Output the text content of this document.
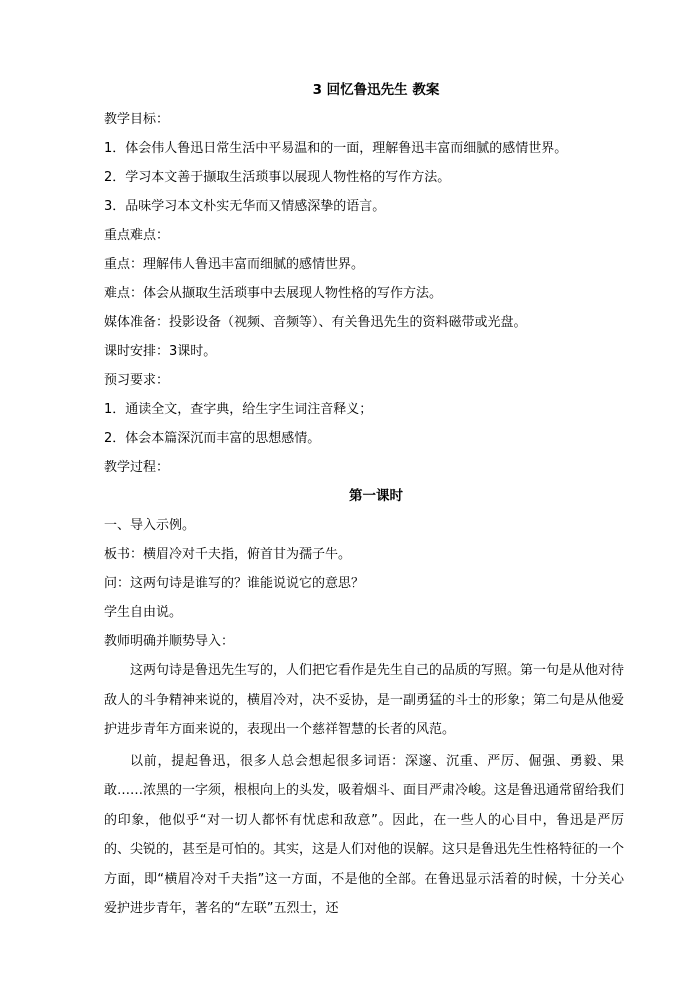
3 回忆鲁迅先生 教案
教学目标：
1．体会伟人鲁迅日常生活中平易温和的一面，理解鲁迅丰富而细腻的感情世界。
2．学习本文善于撷取生活琐事以展现人物性格的写作方法。
3．品味学习本文朴实无华而又情感深挚的语言。
重点难点：
重点：理解伟人鲁迅丰富而细腻的感情世界。
难点：体会从撷取生活琐事中去展现人物性格的写作方法。
媒体准备：投影设备（视频、音频等）、有关鲁迅先生的资料磁带或光盘。
课时安排：3课时。
预习要求：
1．通读全文，查字典，给生字生词注音释义；
2．体会本篇深沉而丰富的思想感情。
教学过程：
第一课时
一、导入示例。
板书：横眉冷对千夫指，俯首甘为孺子牛。
问：这两句诗是谁写的？谁能说说它的意思？
学生自由说。
教师明确并顺势导入：
这两句诗是鲁迅先生写的，人们把它看作是先生自己的品质的写照。第一句是从他对待敌人的斗争精神来说的，横眉冷对，决不妥协，是一副勇猛的斗士的形象；第二句是从他爱护进步青年方面来说的，表现出一个慈祥智慧的长者的风范。
以前，提起鲁迅，很多人总会想起很多词语：深邃、沉重、严厉、倔强、勇毅、果敢……浓黑的一字须，根根向上的头发，吸着烟斗、面目严肃冷峻。这是鲁迅通常留给我们的印象，他似乎“对一切人都怀有忧虑和敌意”。因此，在一些人的心目中，鲁迅是严厉的、尖锐的，甚至是可怕的。其实，这是人们对他的误解。这只是鲁迅先生性格特征的一个方面，即“横眉冷对千夫指”这一方面，不是他的全部。在鲁迅显示活着的时候，十分关心爱护进步青年，著名的“左联”五烈士，还
